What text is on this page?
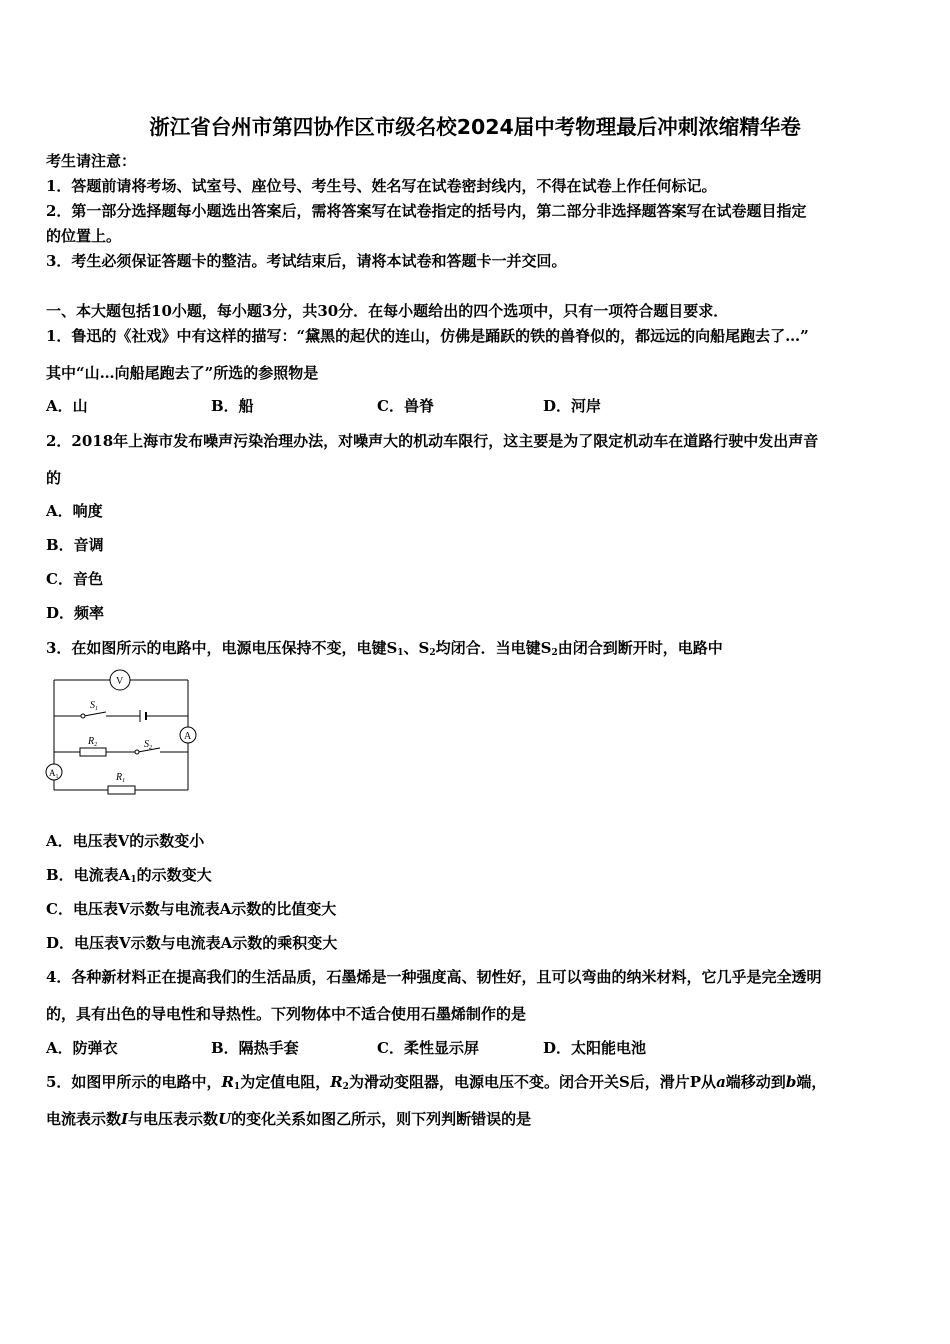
浙江省台州市第四协作区市级名校2024届中考物理最后冲刺浓缩精华卷
考生请注意：
1．答题前请将考场、试室号、座位号、考生号、姓名写在试卷密封线内，不得在试卷上作任何标记。
2．第一部分选择题每小题选出答案后，需将答案写在试卷指定的括号内，第二部分非选择题答案写在试卷题目指定
的位置上。
3．考生必须保证答题卡的整洁。考试结束后，请将本试卷和答题卡一并交回。
一、本大题包括10小题，每小题3分，共30分．在每小题给出的四个选项中，只有一项符合题目要求．
1．鲁迅的《社戏》中有这样的描写：“黛黑的起伏的连山，仿佛是踊跃的铁的兽脊似的，都远远的向船尾跑去了…”
其中“山…向船尾跑去了”所选的参照物是
A．山	B．船	C．兽脊	D．河岸
2．2018年上海市发布噪声污染治理办法，对噪声大的机动车限行，这主要是为了限定机动车在道路行驶中发出声音
的
A．响度
B．音调
C．音色
D．频率
3．在如图所示的电路中，电源电压保持不变，电键$S_1$、$S_2$均闭合．当电键$S_2$由闭合到断开时，电路中
V
A
$A_1$
$S_1$
$R_2$	$S_2$
$R_1$
A．电压表V的示数变小
B．电流表$A_1$的示数变大
C．电压表V示数与电流表A示数的比值变大
D．电压表V示数与电流表A示数的乘积变大
4．各种新材料正在提高我们的生活品质，石墨烯是一种强度高、韧性好，且可以弯曲的纳米材料，它几乎是完全透明
的，具有出色的导电性和导热性。下列物体中不适合使用石墨烯制作的是
A．防弹衣	B．隔热手套	C．柔性显示屏	D．太阳能电池
5．如图甲所示的电路中，$R_1$为定值电阻，$R_2$为滑动变阻器，电源电压不变。闭合开关S后，滑片P从a端移动到b端，
电流表示数I与电压表示数U的变化关系如图乙所示，则下列判断错误的是
